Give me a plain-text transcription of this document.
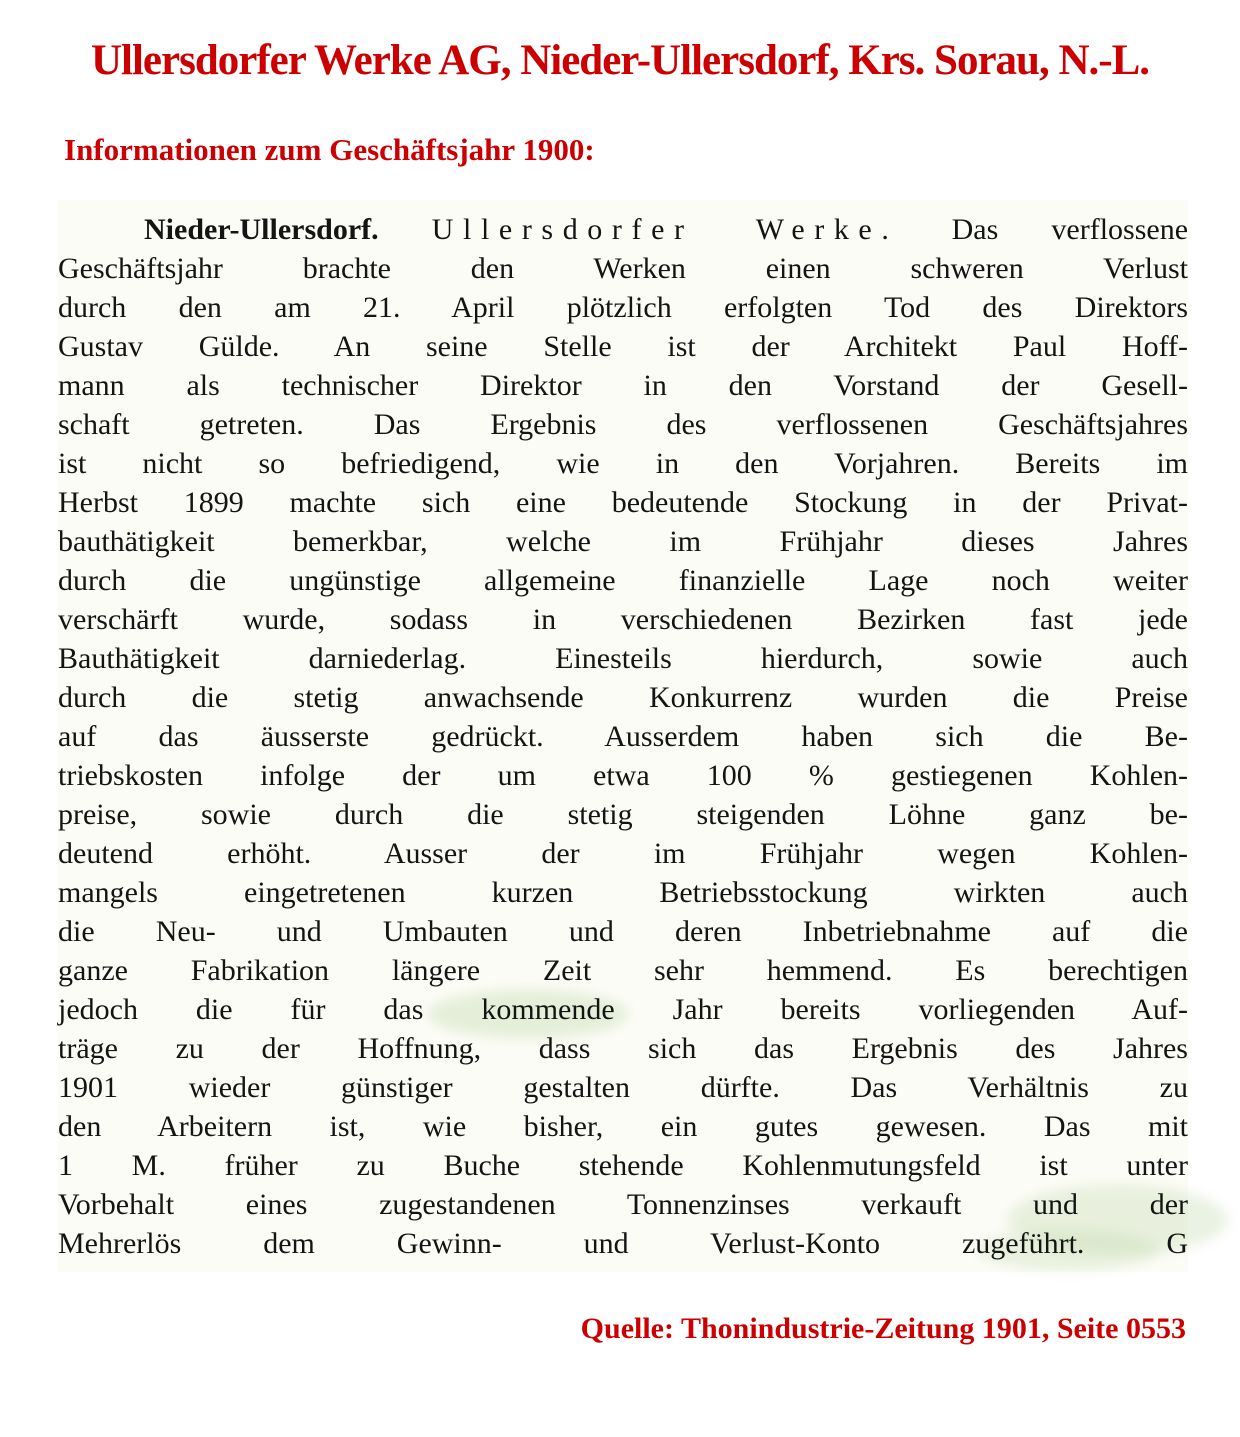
Ullersdorfer Werke AG, Nieder-Ullersdorf, Krs. Sorau, N.-L.
Informationen zum Geschäftsjahr 1900:
Nieder-Ullersdorf. Ullersdorfer Werke. Das verflossene
Geschäftsjahr brachte den Werken einen schweren Verlust
durch den am 21. April plötzlich erfolgten Tod des Direktors
Gustav Gülde. An seine Stelle ist der Architekt Paul Hoff-
mann als technischer Direktor in den Vorstand der Gesell-
schaft getreten. Das Ergebnis des verflossenen Geschäftsjahres
ist nicht so befriedigend, wie in den Vorjahren. Bereits im
Herbst 1899 machte sich eine bedeutende Stockung in der Privat-
bauthätigkeit bemerkbar, welche im Frühjahr dieses Jahres
durch die ungünstige allgemeine finanzielle Lage noch weiter
verschärft wurde, sodass in verschiedenen Bezirken fast jede
Bauthätigkeit darniederlag. Einesteils hierdurch, sowie auch
durch die stetig anwachsende Konkurrenz wurden die Preise
auf das äusserste gedrückt. Ausserdem haben sich die Be-
triebskosten infolge der um etwa 100 % gestiegenen Kohlen-
preise, sowie durch die stetig steigenden Löhne ganz be-
deutend erhöht. Ausser der im Frühjahr wegen Kohlen-
mangels eingetretenen kurzen Betriebsstockung wirkten auch
die Neu- und Umbauten und deren Inbetriebnahme auf die
ganze Fabrikation längere Zeit sehr hemmend. Es berechtigen
jedoch die für das kommende Jahr bereits vorliegenden Auf-
träge zu der Hoffnung, dass sich das Ergebnis des Jahres
1901 wieder günstiger gestalten dürfte. Das Verhältnis zu
den Arbeitern ist, wie bisher, ein gutes gewesen. Das mit
1 M. früher zu Buche stehende Kohlenmutungsfeld ist unter
Vorbehalt eines zugestandenen Tonnenzinses verkauft und der
Mehrerlös dem Gewinn- und Verlust-Konto zugeführt.	G
Quelle: Thonindustrie-Zeitung 1901, Seite 0553
